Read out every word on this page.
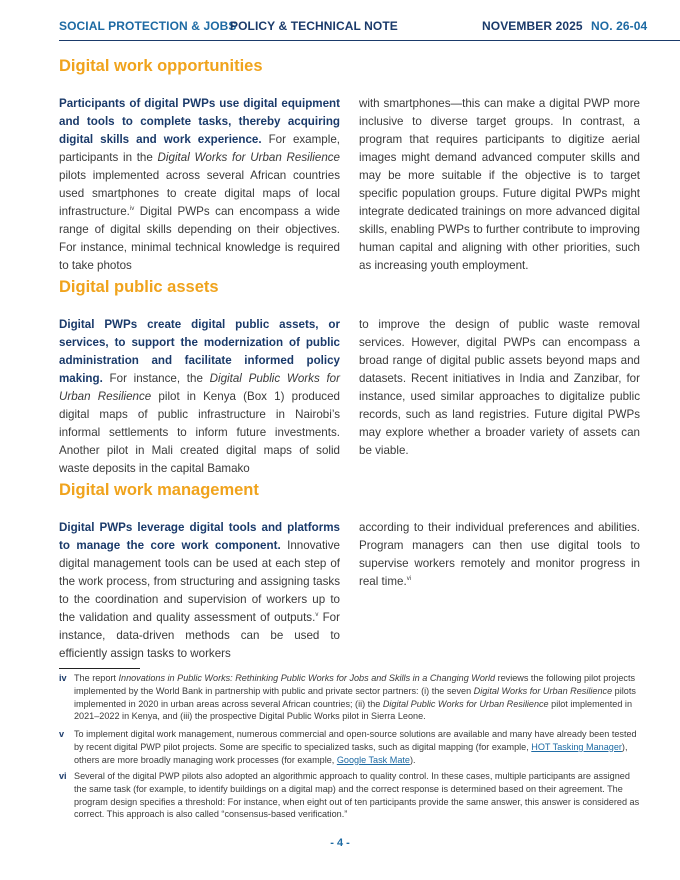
SOCIAL PROTECTION & JOBS
POLICY & TECHNICAL NOTE	NOVEMBER 2025 NO. 26-04
Digital work opportunities

Participants of digital PWPs use digital equipment and tools to complete tasks, thereby acquiring digital skills and work experience. For example, participants in the Digital Works for Urban Resilience pilots implemented across several African countries used smartphones to create digital maps of local infrastructure.$^{iv}$ Digital PWPs can encompass a wide range of digital skills depending on their objectives. For instance, minimal technical knowledge is required to take photos

with smartphones—this can make a digital PWP more inclusive to diverse target groups. In contrast, a program that requires participants to digitize aerial images might demand advanced computer skills and may be more suitable if the objective is to target specific population groups. Future digital PWPs might integrate dedicated trainings on more advanced digital skills, enabling PWPs to further contribute to improving human capital and aligning with other priorities, such as increasing youth employment.

Digital public assets

Digital PWPs create digital public assets, or services, to support the modernization of public administration and facilitate informed policy making. For instance, the Digital Public Works for Urban Resilience pilot in Kenya (Box 1) produced digital maps of public infrastructure in Nairobi’s informal settlements to inform future investments. Another pilot in Mali created digital maps of solid waste deposits in the capital Bamako

to improve the design of public waste removal services. However, digital PWPs can encompass a broad range of digital public assets beyond maps and datasets. Recent initiatives in India and Zanzibar, for instance, used similar approaches to digitalize public records, such as land registries. Future digital PWPs may explore whether a broader variety of assets can be viable.

Digital work management

Digital PWPs leverage digital tools and platforms to manage the core work component. Innovative digital management tools can be used at each step of the work process, from structuring and assigning tasks to the coordination and supervision of workers up to the validation and quality assessment of outputs.$^v$ For instance, data-driven methods can be used to efficiently assign tasks to workers

according to their individual preferences and abilities. Program managers can then use digital tools to supervise workers remotely and monitor progress in real time.$^{vi}$

iv The report Innovations in Public Works: Rethinking Public Works for Jobs and Skills in a Changing World reviews the following pilot projects implemented by the World Bank in partnership with public and private sector partners: (i) the seven Digital Works for Urban Resilience pilots implemented in 2020 in urban areas across several African countries; (ii) the Digital Public Works for Urban Resilience pilot implemented in 2021–2022 in Kenya, and (iii) the prospective Digital Public Works pilot in Sierra Leone.
v To implement digital work management, numerous commercial and open-source solutions are available and many have already been tested by recent digital PWP pilot projects. Some are specific to specialized tasks, such as digital mapping (for example, HOT Tasking Manager), others are more broadly managing work processes (for example, Google Task Mate).
vi Several of the digital PWP pilots also adopted an algorithmic approach to quality control. In these cases, multiple participants are assigned the same task (for example, to identify buildings on a digital map) and the correct response is determined based on their agreement. The program design specifies a threshold: For instance, when eight out of ten participants provide the same answer, this answer is considered as correct. This approach is also called “consensus-based verification.”
- 4 -
